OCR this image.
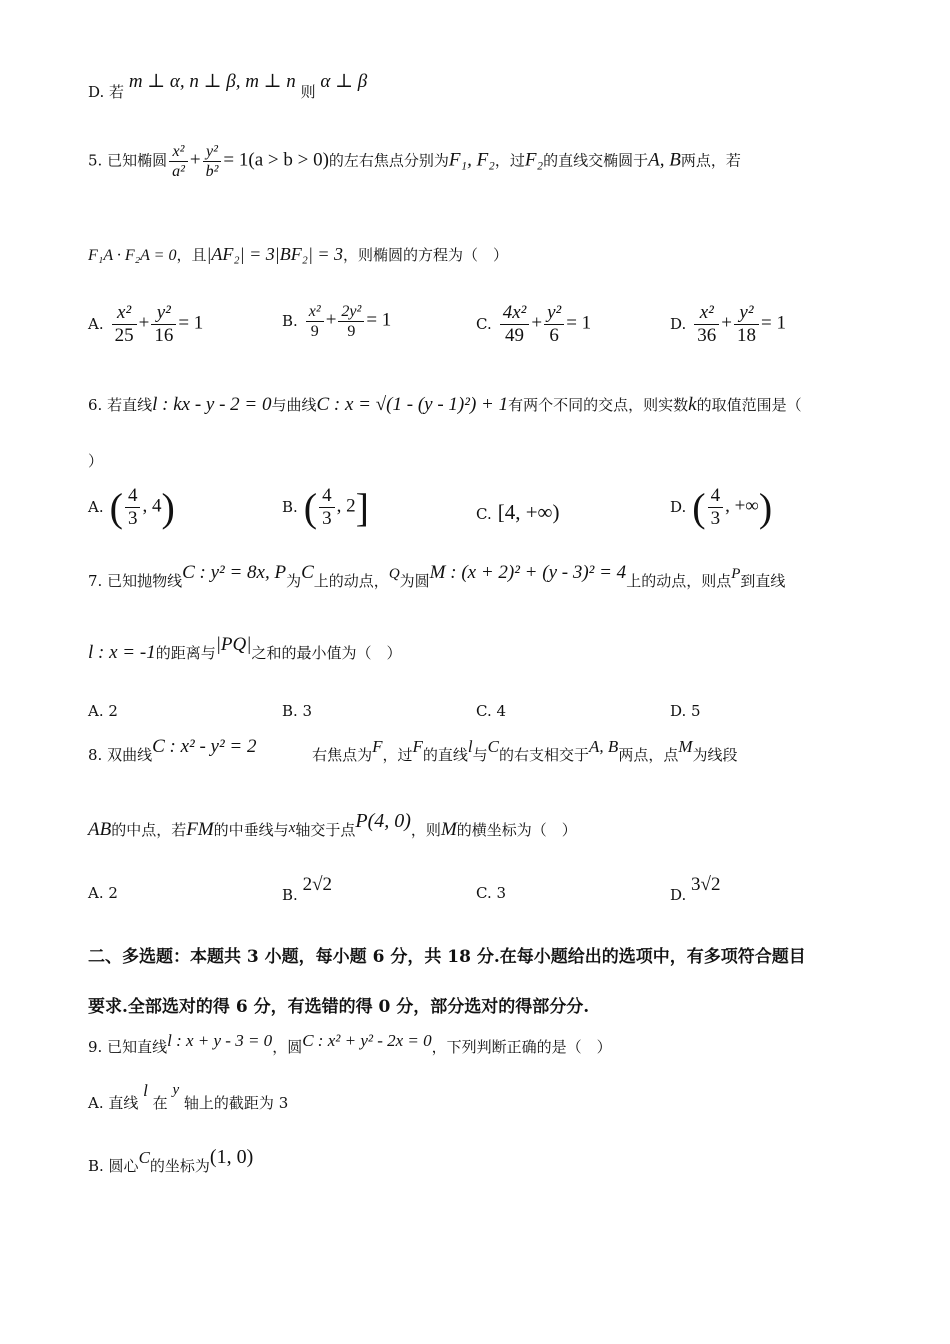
D. 若 m ⊥ α, n ⊥ β, m ⊥ n 则 α ⊥ β
5. 已知椭圆 $\frac{\text{x²}}{\text{a²}} + \frac{\text{y²}}{\text{b²}} = 1(a > b > 0)$的左右焦点分别为F₁, F₂，过F₂的直线交椭圆于A, B两点，若
F₁A · F₂A = 0，且|AF₂| = 3|BF₂| = 3，则椭圆的方程为（　）
A. $\frac{\text{x²}}{25} + \frac{\text{y²}}{16} = 1$	B. $\frac{\text{x²}}{9} + \frac{\text{2y²}}{9} = 1$	C. $\frac{\text{4x²}}{49} + \frac{\text{y²}}{6} = 1$	D. $\frac{\text{x²}}{36} + \frac{\text{y²}}{18} = 1$
6. 若直线l : kx - y - 2 = 0与曲线C : x = √(1 - (y - 1)²) + 1有两个不同的交点，则实数k的取值范围是（
）
A. ( $\frac{4}{3}$ , 4)	B. ( $\frac{4}{3}$ , 2]	C. [4, +∞)	D. ( $\frac{4}{3}$ , +∞)
7. 已知抛物线C : y² = 8x, P为C上的动点，Q为圆M : (x + 2)² + (y - 3)² = 4上的动点，则点P到直线
l : x = -1的距离与|PQ|之和的最小值为（　）
A. 2	B. 3	C. 4	D. 5
8. 双曲线C : x² - y² = 2	右焦点为F，过F的直线l与C的右支相交于A, B两点，点M为线段
AB的中点，若FM的中垂线与x轴交于点P(4, 0)，则M的横坐标为（　）
A. 2	B. 2√2	C. 3	D. 3√2
二、多选题：本题共 3 小题，每小题 6 分，共 18 分.在每小题给出的选项中，有多项符合题目
要求.全部选对的得 6 分，有选错的得 0 分，部分选对的得部分分.
9. 已知直线l : x + y - 3 = 0，圆C : x² + y² - 2x = 0，下列判断正确的是（　）
A. 直线 l 在 y 轴上的截距为 3
B. 圆心C的坐标为(1, 0)
